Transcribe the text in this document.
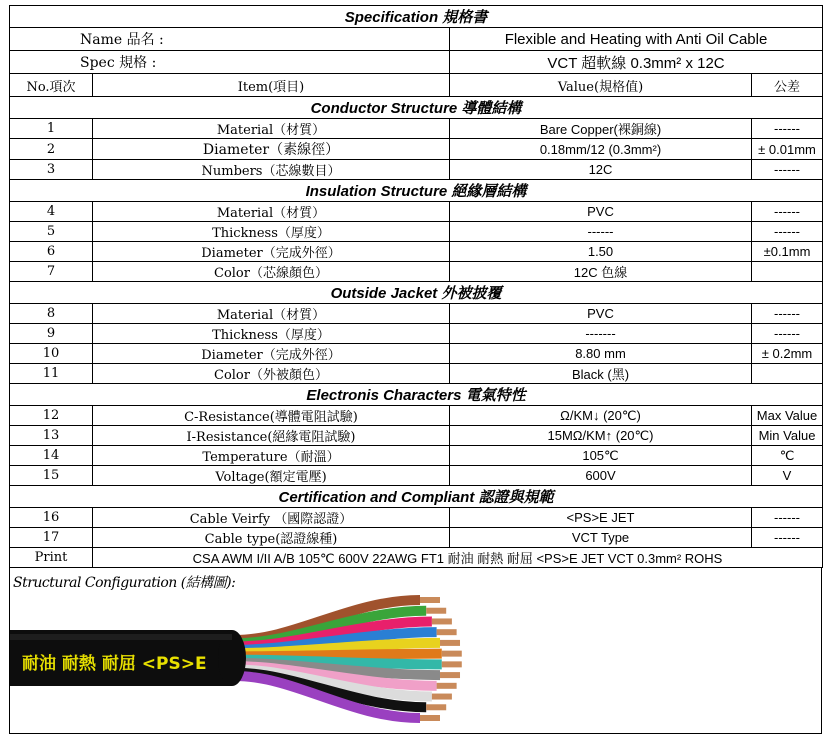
Specification 規格書			
Name 品名 :		Flexible and Heating with Anti Oil Cable	
Spec 規格 :		VCT 超軟線 0.3mm² x 12C	
No.項次	Item(項目)	Value(規格值)	公差
Conductor Structure 導體結構			
1	Material（材質）	Bare Copper(裸銅線)	------
2	Diameter（素線徑）	0.18mm/12 (0.3mm²)	± 0.01mm
3	Numbers（芯線數目）	12C	------
Insulation Structure 絕緣層結構			
4	Material（材質）	PVC	------
5	Thickness（厚度）	------	------
6	Diameter（完成外徑）	1.50	±0.1mm
7	Color（芯線顏色）	12C 色線	
Outside Jacket 外被披覆			
8	Material（材質）	PVC	------
9	Thickness（厚度）	-------	------
10	Diameter（完成外徑）	8.80 mm	± 0.2mm
11	Color（外被顏色）	Black (黑)	
Electronis Characters 電氣特性			
12	C-Resistance(導體電阻試驗)	Ω/KM↓ (20℃)	Max Value
13	I-Resistance(絕緣電阻試驗)	15MΩ/KM↑ (20℃)	Min Value
14	Temperature（耐溫）	105℃	℃
15	Voltage(額定電壓)	600V	V
Certification and Compliant 認證與規範			
16	Cable Veirfy （國際認證）	<PS>E JET	------
17	Cable type(認證線種)	VCT Type	------
Print	CSA AWM I/II A/B 105℃ 600V 22AWG FT1 耐油 耐熱 耐屈 <PS>E JET VCT 0.3mm² ROHS		
Structural Configuration (結構圖):
耐油 耐熱 耐屈 <PS>E
